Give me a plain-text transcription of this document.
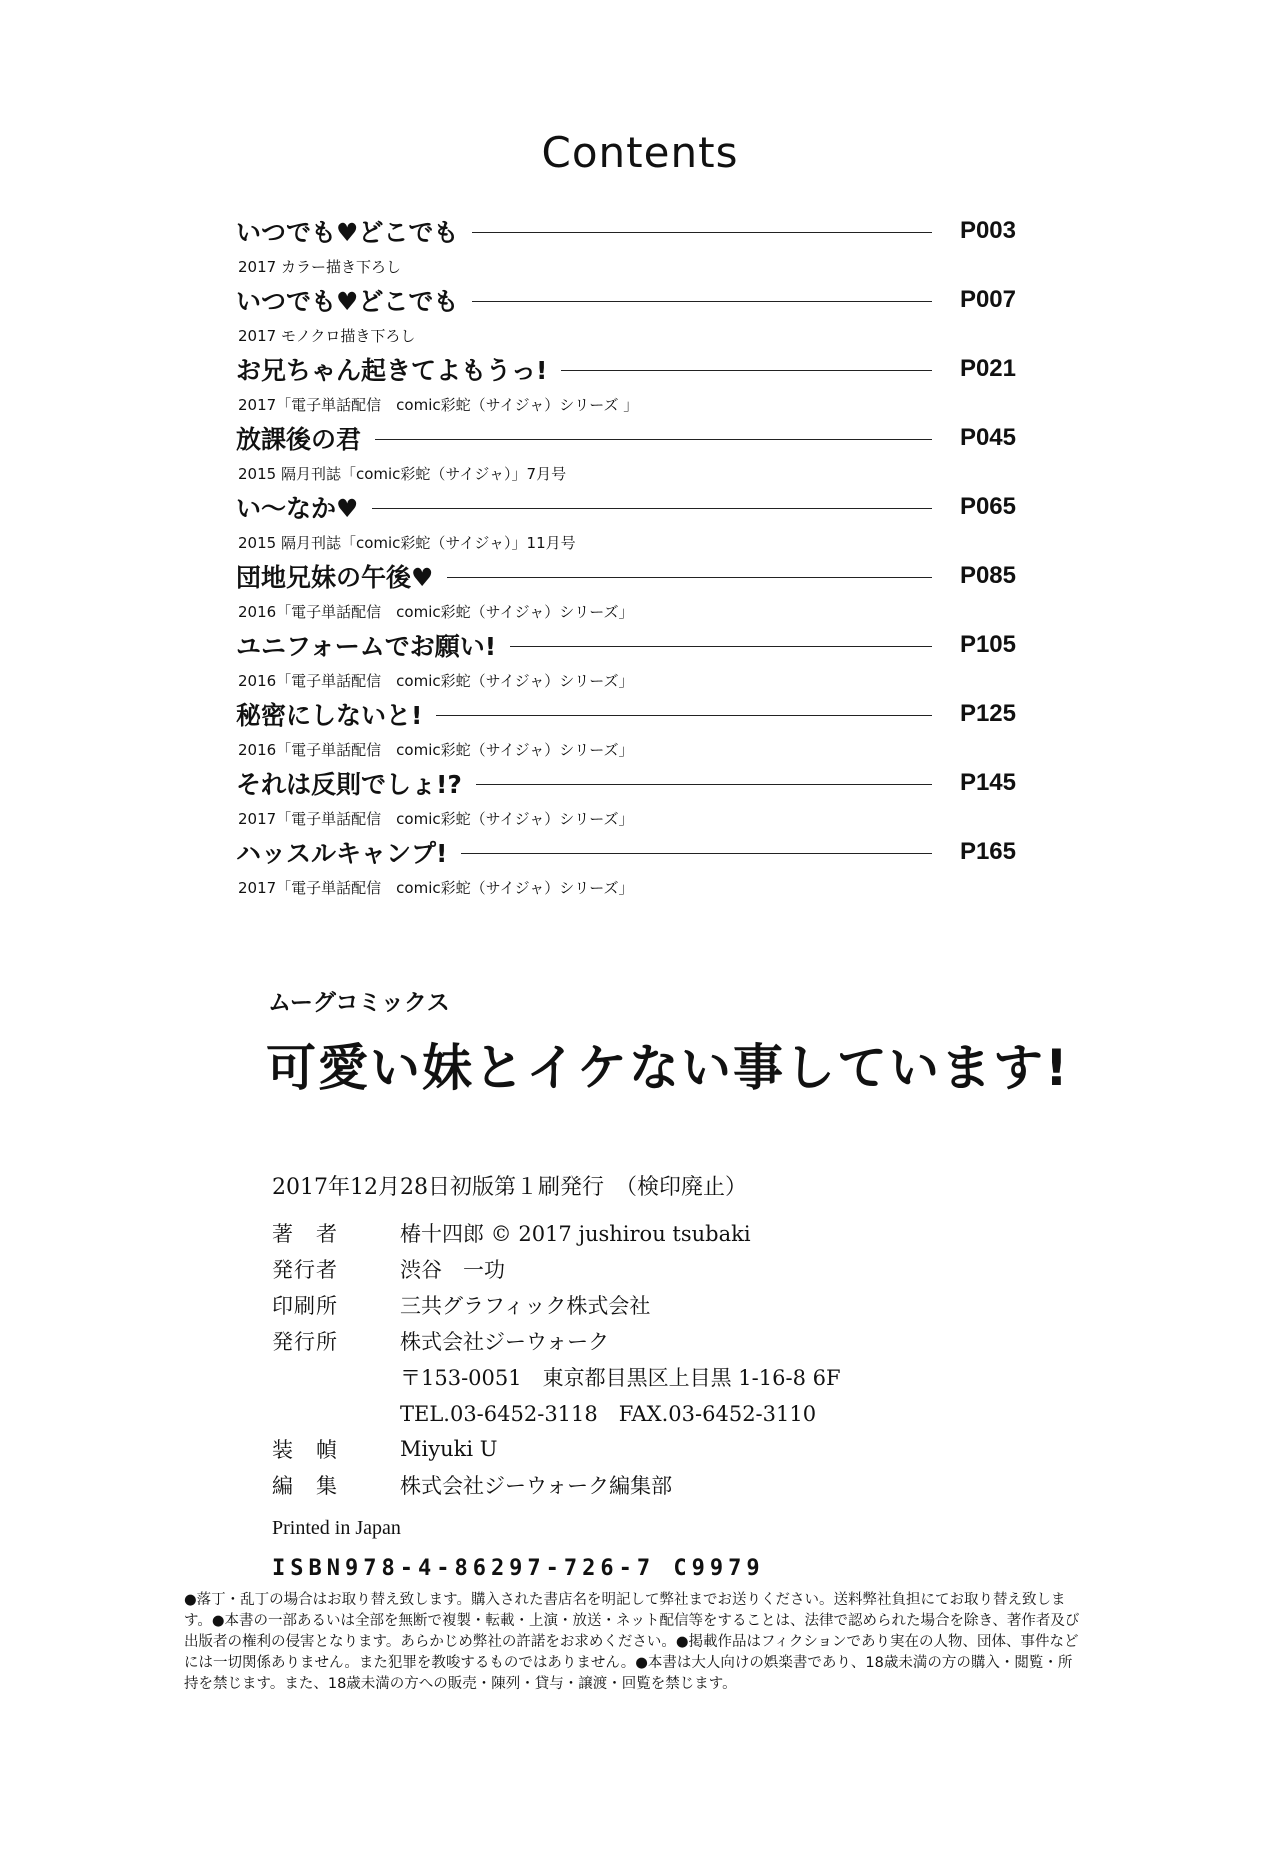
Contents
いつでも♥どこでも	P003
2017 カラー描き下ろし
いつでも♥どこでも	P007
2017 モノクロ描き下ろし
お兄ちゃん起きてよもうっ!	P021
2017「電子単話配信　comic彩蛇（サイジャ）シリーズ 」
放課後の君	P045
2015 隔月刊誌「comic彩蛇（サイジャ）」7月号
い〜なか♥	P065
2015 隔月刊誌「comic彩蛇（サイジャ）」11月号
団地兄妹の午後♥	P085
2016「電子単話配信　comic彩蛇（サイジャ）シリーズ」
ユニフォームでお願い!	P105
2016「電子単話配信　comic彩蛇（サイジャ）シリーズ」
秘密にしないと!	P125
2016「電子単話配信　comic彩蛇（サイジャ）シリーズ」
それは反則でしょ!?	P145
2017「電子単話配信　comic彩蛇（サイジャ）シリーズ」
ハッスルキャンプ!	P165
2017「電子単話配信　comic彩蛇（サイジャ）シリーズ」
ムーグコミックス
可愛い妹とイケない事しています!
2017年12月28日初版第１刷発行　（検印廃止）
著　者	椿十四郎 © 2017 jushirou tsubaki
発行者	渋谷　一功
印刷所	三共グラフィック株式会社
発行所	株式会社ジーウォーク
〒153-0051　東京都目黒区上目黒 1-16-8 6F
TEL.03-6452-3118　FAX.03-6452-3110
装　幀	Miyuki U
編　集	株式会社ジーウォーク編集部
Printed in Japan
ISBN978-4-86297-726-7 C9979
●落丁・乱丁の場合はお取り替え致します。購入された書店名を明記して弊社までお送りください。送料弊社負担にてお取り替え致しま
す。●本書の一部あるいは全部を無断で複製・転載・上演・放送・ネット配信等をすることは、法律で認められた場合を除き、著作者及び
出版者の権利の侵害となります。あらかじめ弊社の許諾をお求めください。●掲載作品はフィクションであり実在の人物、団体、事件など
には一切関係ありません。また犯罪を教唆するものではありません。●本書は大人向けの娯楽書であり、18歳未満の方の購入・閲覧・所
持を禁じます。また、18歳未満の方への販売・陳列・貸与・譲渡・回覧を禁じます。
